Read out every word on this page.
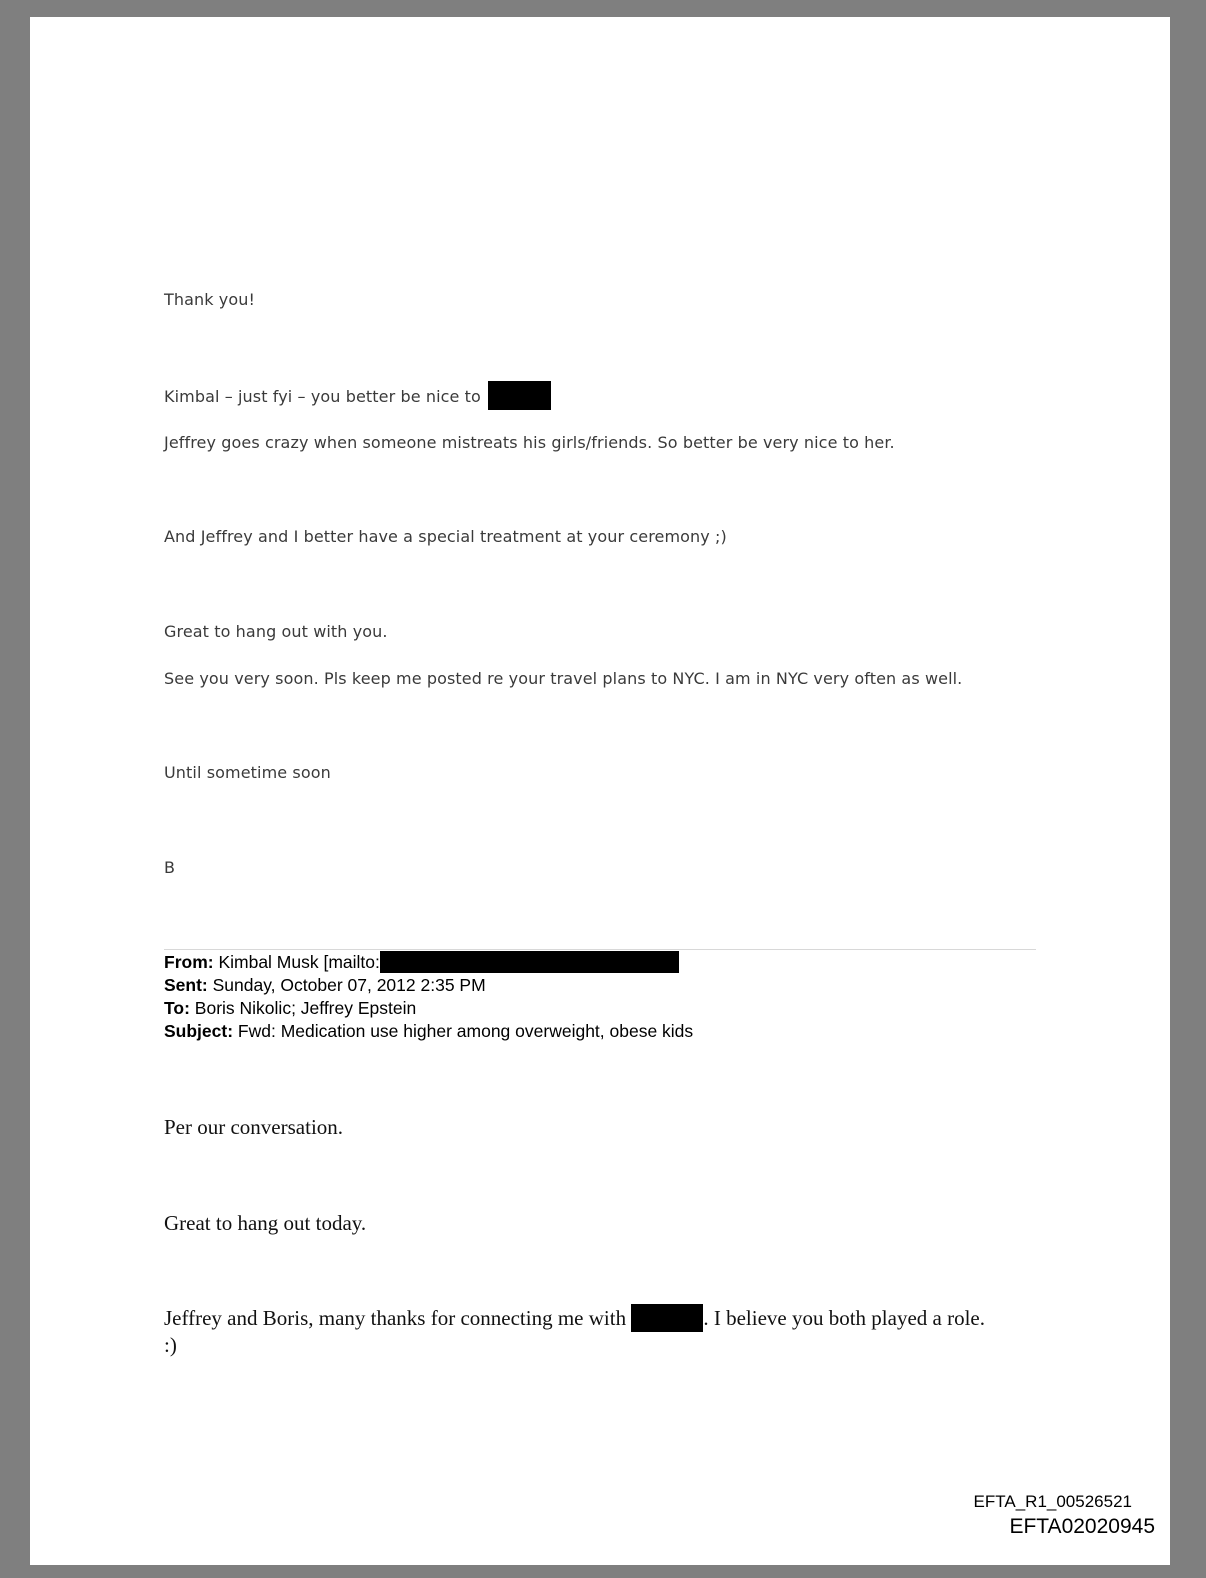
Thank you!
Kimbal – just fyi – you better be nice to
Jeffrey goes crazy when someone mistreats his girls/friends. So better be very nice to her.
And Jeffrey and I better have a special treatment at your ceremony ;)
Great to hang out with you.
See you very soon. Pls keep me posted re your travel plans to NYC. I am in NYC very often as well.
Until sometime soon
B
From: Kimbal Musk [mailto:
Sent: Sunday, October 07, 2012 2:35 PM
To: Boris Nikolic; Jeffrey Epstein
Subject: Fwd: Medication use higher among overweight, obese kids
Per our conversation.
Great to hang out today.
Jeffrey and Boris, many thanks for connecting me with	. I believe you both played a role.
:)
EFTA_R1_00526521
EFTA02020945
